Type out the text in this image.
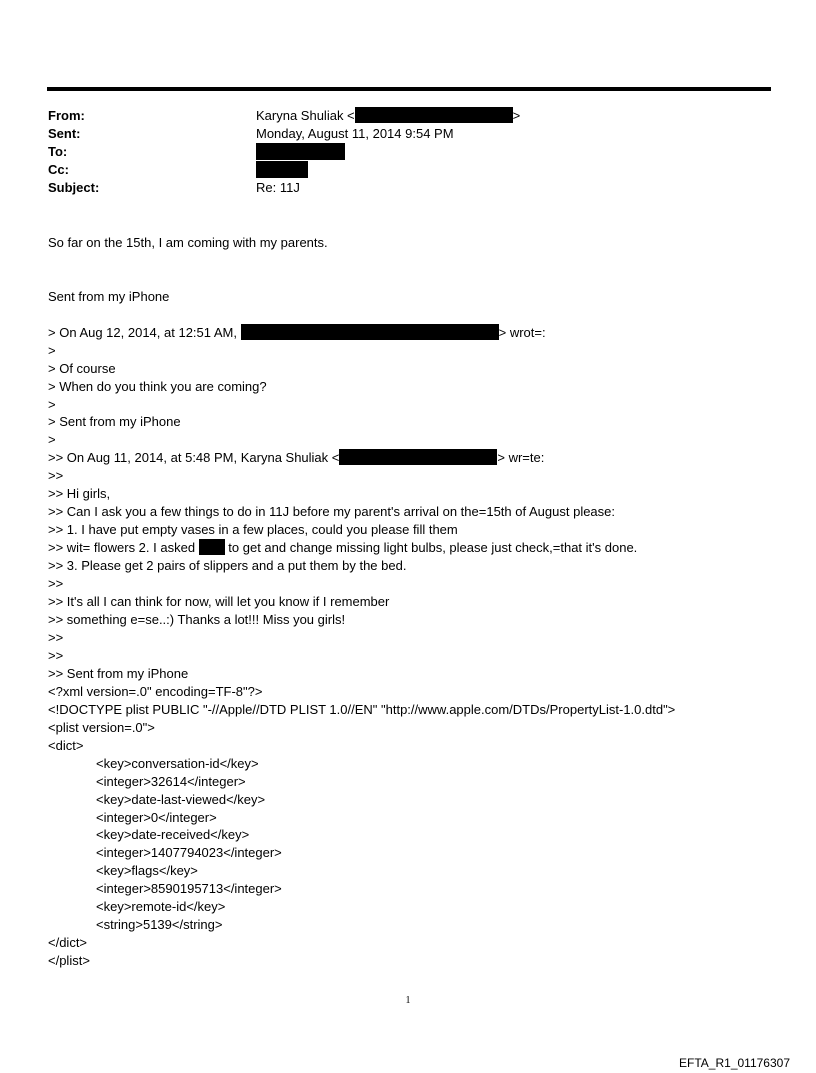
From:	Karyna Shuliak <	>
Sent:	Monday, August 11, 2014 9:54 PM
To:
Cc:
Subject:	Re: 11J
So far on the 15th, I am coming with my parents.
Sent from my iPhone
> On Aug 12, 2014, at 12:51 AM,	> wrot=:
>
> Of course
> When do you think you are coming?
>
> Sent from my iPhone
>
>> On Aug 11, 2014, at 5:48 PM, Karyna Shuliak <	> wr=te:
>>
>> Hi girls,
>> Can I ask you a few things to do in 11J before my parent's arrival on the=15th of August please:
>> 1. I have put empty vases in a few places, could you please fill them
>> wit= flowers 2. I asked	to get and change missing light bulbs, please just check,=that it's done.
>> 3. Please get 2 pairs of slippers and a put them by the bed.
>>
>> It's all I can think for now, will let you know if I remember
>> something e=se..:) Thanks a lot!!! Miss you girls!
>>
>>
>> Sent from my iPhone
<?xml version=.0" encoding=TF-8"?>
<!DOCTYPE plist PUBLIC "-//Apple//DTD PLIST 1.0//EN" "http://www.apple.com/DTDs/PropertyList-1.0.dtd">
<plist version=.0">
<dict>
<key>conversation-id</key>
<integer>32614</integer>
<key>date-last-viewed</key>
<integer>0</integer>
<key>date-received</key>
<integer>1407794023</integer>
<key>flags</key>
<integer>8590195713</integer>
<key>remote-id</key>
<string>5139</string>
</dict>
</plist>
1
EFTA_R1_01176307
